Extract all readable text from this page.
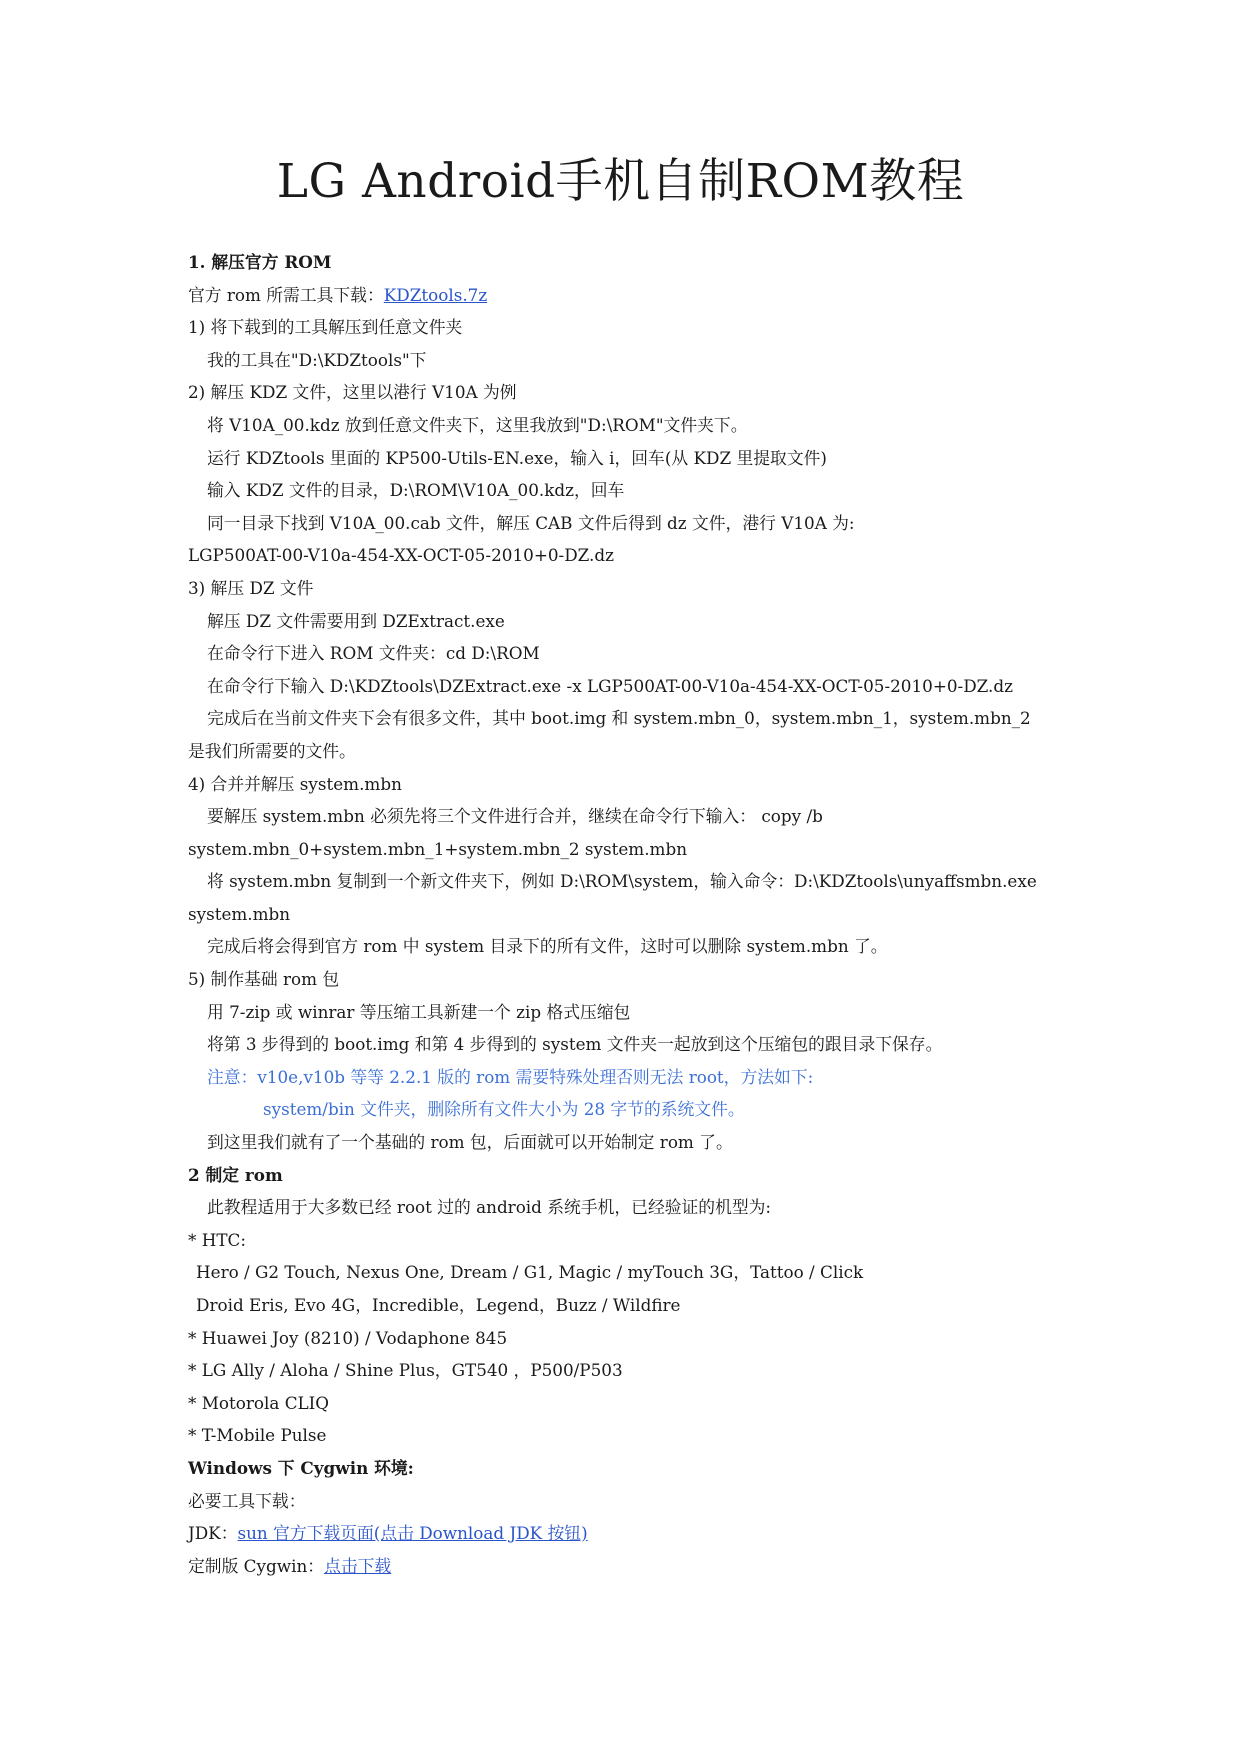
LG Android手机自制ROM教程
1. 解压官方 ROM
官方 rom 所需工具下载：KDZtools.7z
1) 将下载到的工具解压到任意文件夹
我的工具在"D:\KDZtools"下
2) 解压 KDZ 文件，这里以港行 V10A 为例
将 V10A_00.kdz 放到任意文件夹下，这里我放到"D:\ROM"文件夹下。
运行 KDZtools 里面的 KP500-Utils-EN.exe，输入 i，回车(从 KDZ 里提取文件)
输入 KDZ 文件的目录，D:\ROM\V10A_00.kdz，回车
同一目录下找到 V10A_00.cab 文件，解压 CAB 文件后得到 dz 文件，港行 V10A 为:
LGP500AT-00-V10a-454-XX-OCT-05-2010+0-DZ.dz
3) 解压 DZ 文件
解压 DZ 文件需要用到 DZExtract.exe
在命令行下进入 ROM 文件夹：cd D:\ROM
在命令行下输入 D:\KDZtools\DZExtract.exe -x LGP500AT-00-V10a-454-XX-OCT-05-2010+0-DZ.dz
完成后在当前文件夹下会有很多文件，其中 boot.img 和 system.mbn_0，system.mbn_1，system.mbn_2
是我们所需要的文件。
4) 合并并解压 system.mbn
要解压 system.mbn 必须先将三个文件进行合并，继续在命令行下输入： copy /b
system.mbn_0+system.mbn_1+system.mbn_2 system.mbn
将 system.mbn 复制到一个新文件夹下，例如 D:\ROM\system，输入命令：D:\KDZtools\unyaffsmbn.exe
system.mbn
完成后将会得到官方 rom 中 system 目录下的所有文件，这时可以删除 system.mbn 了。
5) 制作基础 rom 包
用 7-zip 或 winrar 等压缩工具新建一个 zip 格式压缩包
将第 3 步得到的 boot.img 和第 4 步得到的 system 文件夹一起放到这个压缩包的跟目录下保存。
注意：v10e,v10b 等等 2.2.1 版的 rom 需要特殊处理否则无法 root，方法如下:
system/bin 文件夹，删除所有文件大小为 28 字节的系统文件。
到这里我们就有了一个基础的 rom 包，后面就可以开始制定 rom 了。
2 制定 rom
此教程适用于大多数已经 root 过的 android 系统手机，已经验证的机型为:
* HTC:
Hero / G2 Touch, Nexus One, Dream / G1, Magic / myTouch 3G，Tattoo / Click
Droid Eris, Evo 4G，Incredible，Legend，Buzz / Wildfire
* Huawei Joy (8210) / Vodaphone 845
* LG Ally / Aloha / Shine Plus，GT540 ，P500/P503
* Motorola CLIQ
* T-Mobile Pulse
Windows 下 Cygwin 环境:
必要工具下载：
JDK：sun 官方下载页面(点击 Download JDK 按钮)
定制版 Cygwin：点击下载
